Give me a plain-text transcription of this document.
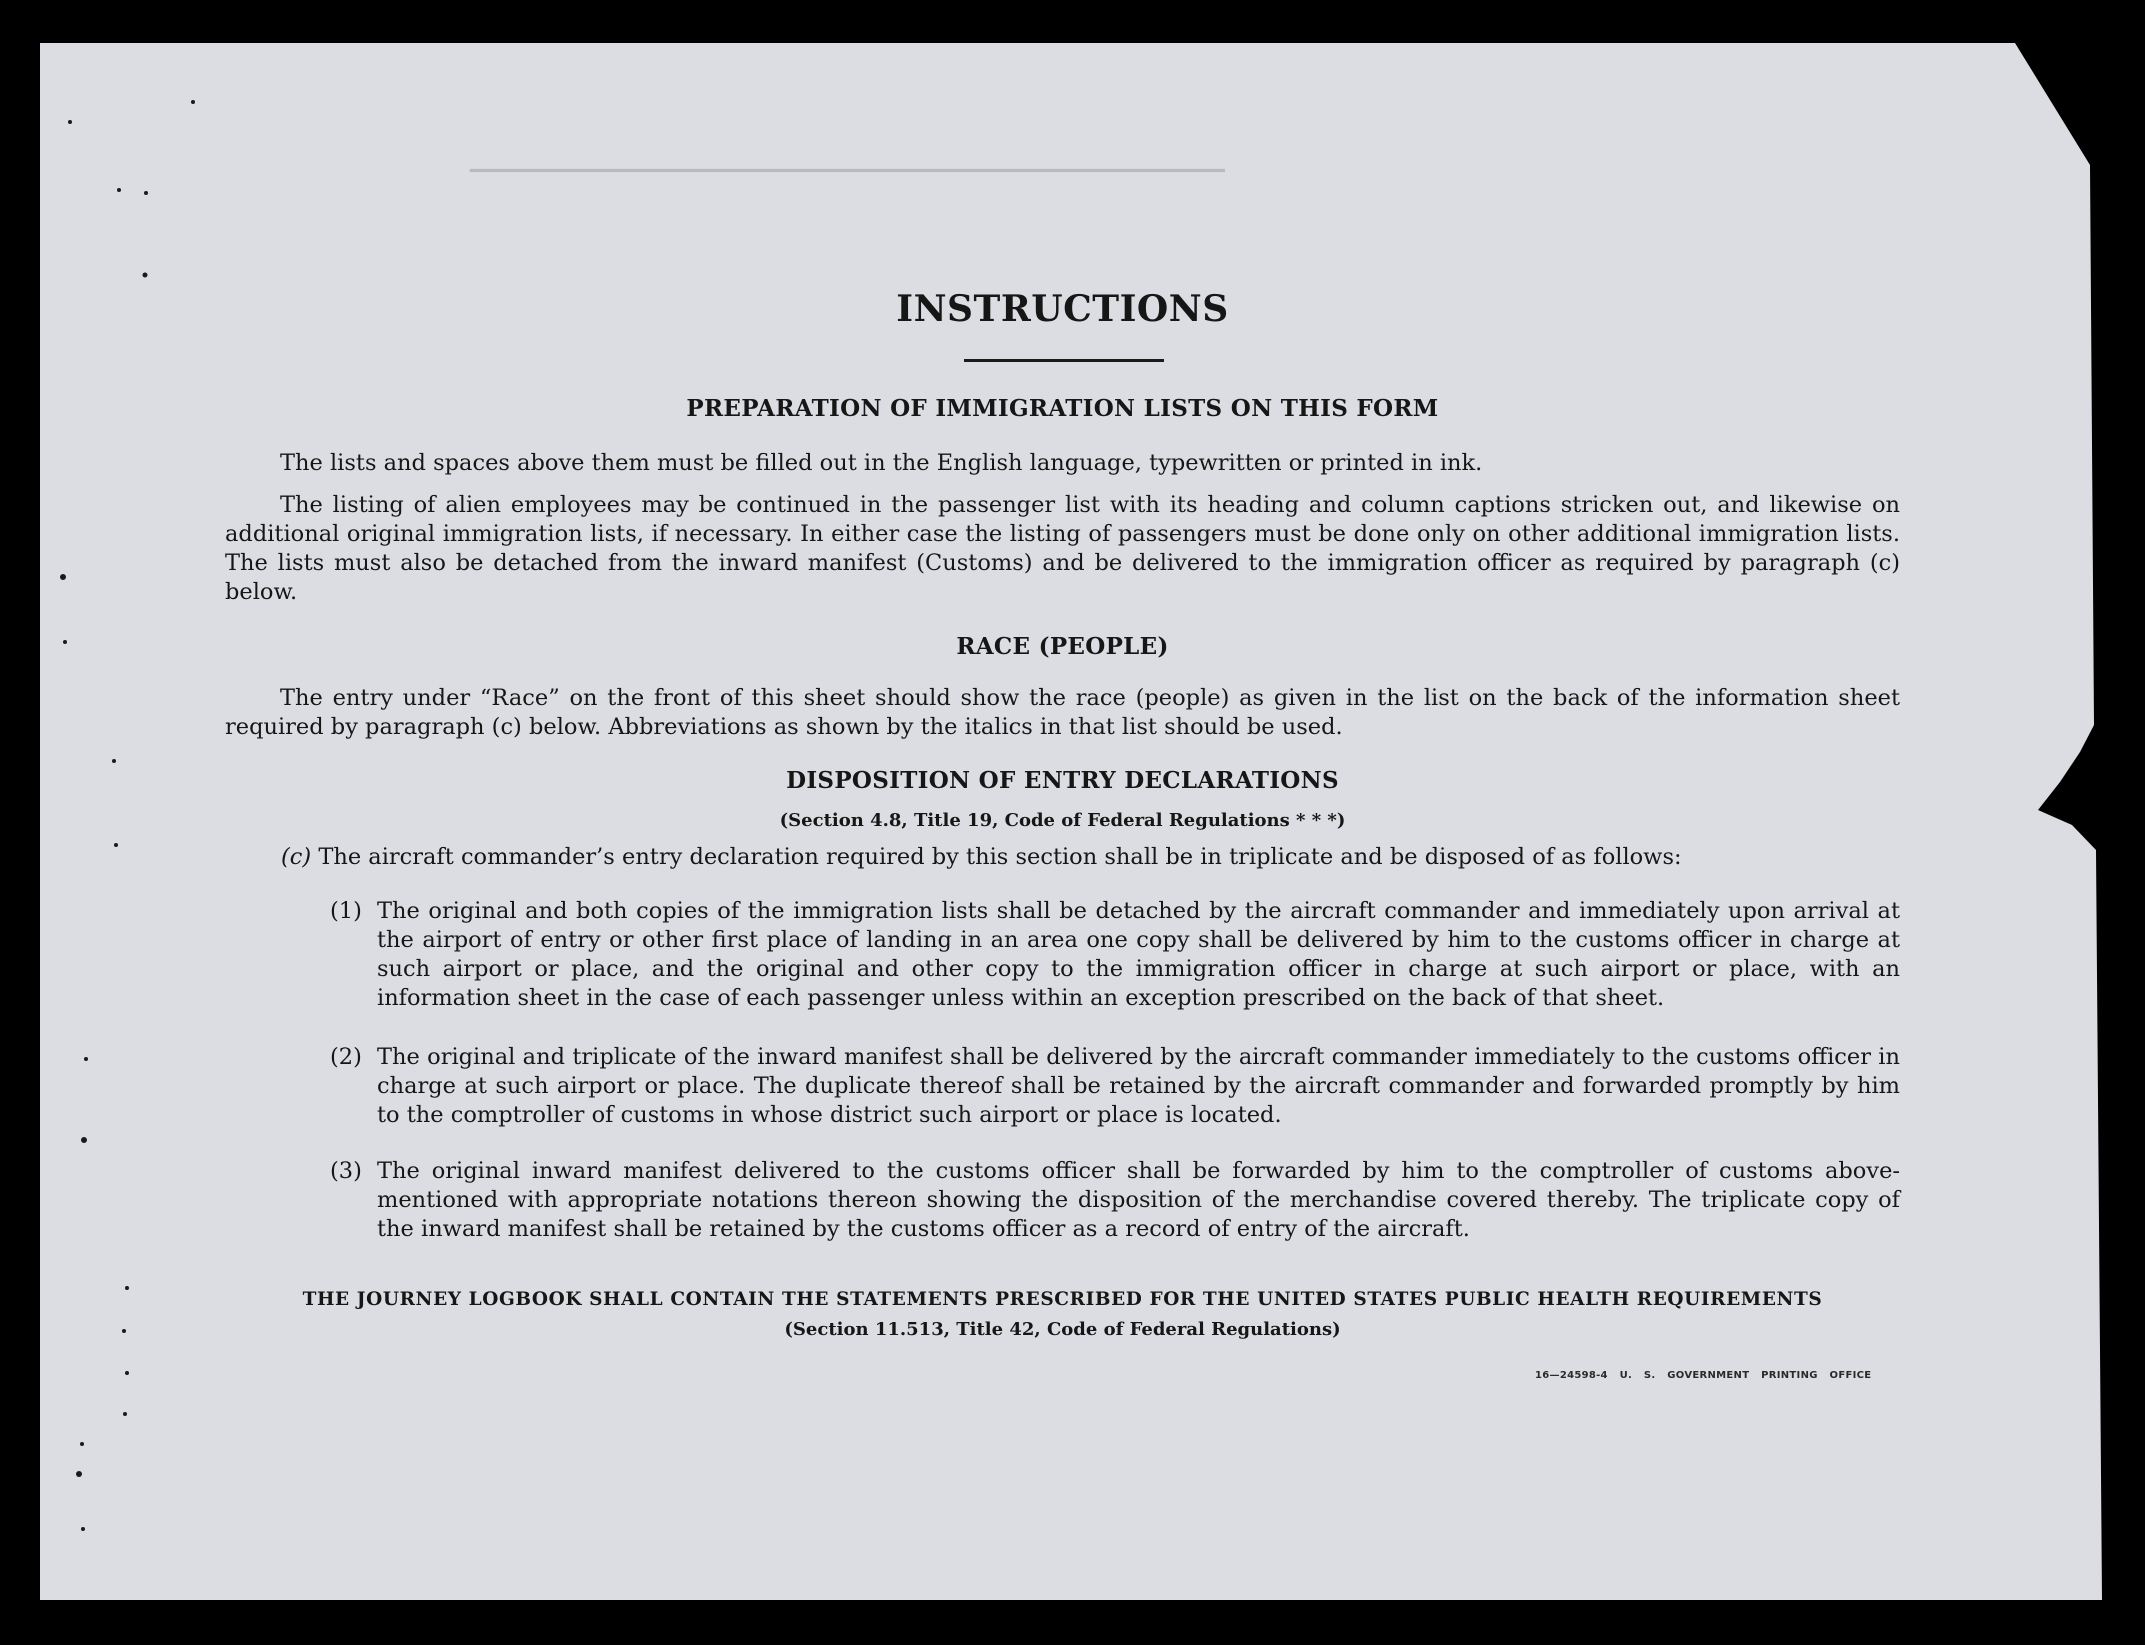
━━━━━━━━━━━━━━━━━━━━━━━━━━━━━━━━━━━━━━━━━━━━━━━━━━━━━━━━━━━━━━━━━━
INSTRUCTIONS
PREPARATION OF IMMIGRATION LISTS ON THIS FORM
The lists and spaces above them must be filled out in the English language, typewritten or printed in ink.
The listing of alien employees may be continued in the passenger list with its heading and column captions stricken out, and likewise on additional original immigration lists, if necessary. In either case the listing of passengers must be done only on other additional immigration lists. The lists must also be detached from the inward manifest (Customs) and be delivered to the immigration officer as required by paragraph (c) below.
RACE (PEOPLE)
The entry under “Race” on the front of this sheet should show the race (people) as given in the list on the back of the information sheet required by paragraph (c) below. Abbreviations as shown by the italics in that list should be used.
DISPOSITION OF ENTRY DECLARATIONS
(Section 4.8, Title 19, Code of Federal Regulations * * *)
(c) The aircraft commander’s entry declaration required by this section shall be in triplicate and be disposed of as follows:
(1) The original and both copies of the immigration lists shall be detached by the aircraft commander and immediately upon arrival at the airport of entry or other first place of landing in an area one copy shall be delivered by him to the customs officer in charge at such airport or place, and the original and other copy to the immigration officer in charge at such airport or place, with an information sheet in the case of each passenger unless within an exception prescribed on the back of that sheet.
(2) The original and triplicate of the inward manifest shall be delivered by the aircraft commander immediately to the customs officer in charge at such airport or place. The duplicate thereof shall be retained by the aircraft commander and forwarded promptly by him to the comptroller of customs in whose district such airport or place is located.
(3) The original inward manifest delivered to the customs officer shall be forwarded by him to the comptroller of customs above-mentioned with appropriate notations thereon showing the disposition of the merchandise covered thereby. The triplicate copy of the inward manifest shall be retained by the customs officer as a record of entry of the aircraft.
THE JOURNEY LOGBOOK SHALL CONTAIN THE STATEMENTS PRESCRIBED FOR THE UNITED STATES PUBLIC HEALTH REQUIREMENTS
(Section 11.513, Title 42, Code of Federal Regulations)
16—24598-4 U. S. GOVERNMENT PRINTING OFFICE
